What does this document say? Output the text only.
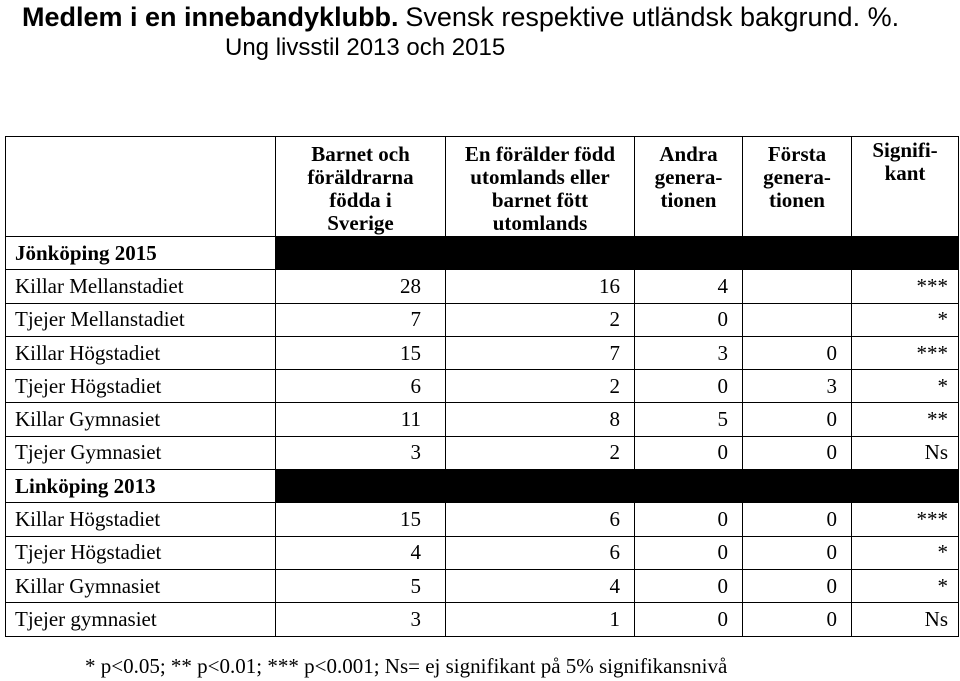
Medlem i en innebandyklubb. Svensk respektive utländsk bakgrund. %.
Ung livsstil 2013 och 2015

	Barnet och
föräldrarna
födda i
Sverige	En förälder född
utomlands eller
barnet fött
utomlands	Andra
genera-
tionen	Första
genera-
tionen	Signifi-
kant

Jönköping 2015					
Killar Mellanstadiet	28	16	4		***
Tjejer Mellanstadiet	7	2	0		*
Killar Högstadiet	15	7	3	0	***
Tjejer Högstadiet	6	2	0	3	*
Killar Gymnasiet	11	8	5	0	**
Tjejer Gymnasiet	3	2	0	0	Ns
Linköping 2013					
Killar Högstadiet	15	6	0	0	***
Tjejer Högstadiet	4	6	0	0	*
Killar Gymnasiet	5	4	0	0	*
Tjejer gymnasiet	3	1	0	0	Ns
* p<0.05; ** p<0.01; *** p<0.001; Ns= ej signifikant på 5% signifikansnivå
